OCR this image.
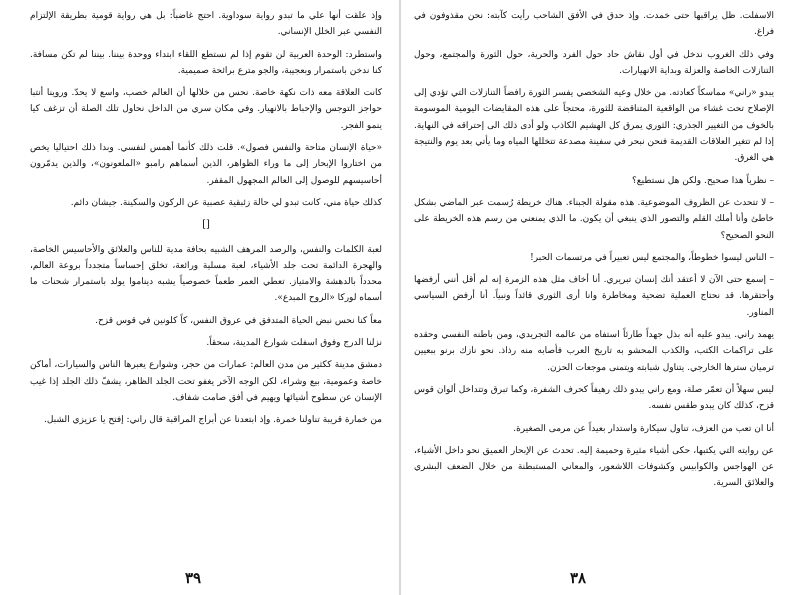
وإذ علقت أنها علي ما تبدو رواية سوداوية. احتج غاضباً: بل هي رواية قومية بطريقة الإلتزام النفسي عبر الخلل الإنساني.

واستطرد: الوحدة العربية لن تقوم إذا لم نستطع اللقاء ابتداء ووحدة بيننا. بيننا لم تكن مسافة. كنا ندخن باستمرار وبعجيبة، والجو مترع برائحة صميمية.

كانت العلاقة معه ذات نكهة خاصة. نحس من خلالها أن العالم خصب، واسع لا يحدّ. وروينا أنتبا حواجز التوجس والإحباط بالانهيار. وفي مكان سري من الداخل نحاول تلك الصلة أن تزغف كيا ينمو الفجر.

«حياة الإنسان متاحة والنفس فصول». قلت ذلك كأنما أهمس لنفسي. وبدا ذلك احتياليا يخص من اختاروا الإبحار إلى ما وراء الظواهر، الذين أسماهم رامبو «الملعونون»، والذين يدمّرون أحاسيسهم للوصول إلى العالم المجهول المقفر.

كذلك حياة مني، كانت تبدو لي حالة زئبقية عصبية عن الركون والسكينة. جيشان دائم.

[]

لعبة الكلمات والنفس، والرصد المرهف الشبيه بحافة مدية للناس والعلائق والأحاسيس الخاصة، والهجرة الدائمة تحت جلد الأشياء، لعبة مسلية ورائعة، تخلق إحساساً متجدداً بروعة العالم، محدداً بالدهشة والامتياز. تعطي العمر طعماً خصوصياً يشبه ديناموا يولد باستمرار شحنات ما أسماه لوركا «الروح المبدع».

معاً كنا نحس نبض الحياة المتدفق في عروق النفس، كاً كلونين في قوس قزح.

نزلنا الدرج وفوق اسفلت شوارع المدينة، سحقاً.

دمشق مدينة ككثير من مدن العالم: عمارات من حجر، وشوارع يعبرها الناس والسيارات، أماكن خاصة وعمومية، بيع وشراء، لكن الوجه الآخر يغفو تحت الجلد الظاهر، يشفّ ذلك الجلد إذا غيب الإنسان عن سطوح أشيائها ويهيم في أفق صامت شفاف.

من خمارة قريبة تناولنا خمرة. وإذ ابتعدنا عن أبراج المراقبة قال راني: إفتح يا عزيزي الشبل.

٣٩

الاسفلت. ظل يراقبها حتى خمدت. وإذ حدق في الأفق الشاحب رأيت كآبته: نحن مقذوفون في فراغ.

وفي ذلك الغروب ندخل في أول نقاش حاد حول الفرد والحرية، حول الثورة والمجتمع، وحول التنازلات الخاصة والعزلة وبداية الانهيارات.

يبدو «راني» مماسكاً كعادته. من خلال وعيه الشخصي يفسر الثورة رافضاً التنازلات التي تؤدي إلى الإصلاح تحت غشاء من الواقعية المتناقضة للثورة، محتجاً على هذه المقايضات اليومية الموسومة بالخوف من التغيير الجذري: الثوري يمرق كل الهشيم الكاذب ولو أدى ذلك الى إحتراقه في النهاية. إذا لم تتغير العلاقات القديمة فنحن نبحر في سفينة مصدعة تتخللها المياه وما يأتي بعد يوم والنتيجة هي الغرق.

– نظرياً هذا صحيح. ولكن هل نستطيع؟

– لا تتحدث عن الظروف الموضوعية. هذه مقولة الجبناء. هناك خريطة رُسمت عبر الماضي بشكل خاطئ وأنا أملك القلم والتصور الذي ينبغي أن يكون. ما الذي يمنعني من رسم هذه الخريطة على النحو الصحيح؟

– الناس ليسوا خطوطاً، والمجتمع ليس تعبيراً في مرتسمات الحبر!

– إسمع حتى الآن لا أعتقد أنك إنسان تبريري. أنا أخاف مثل هذه الزمرة إنه لم أقل أنني أرفضها وأحتقرها. قد نحتاج العملية تضحية ومخاطرة وانا أرى الثوري قائداً ونبياً. أنا أرفض السياسي المناور.

يهمد راني. يبدو عليه أنه بذل جهداً طارئاً استفاه من عالمه التجريدي، ومن باطنه النفسي وحقده على تراكمات الكتب، والكذب المحشو به تاريخ العرب فأصابه منه رذاذ. نحو نازك برنو ببعيين ترميان سترها الخارجي. يتناول شبابته ويتمنى موجعات الحزن.

ليس سهلاً أن تعمّر صلة، ومع راني يبدو ذلك رهيفاً كحرف الشفرة، وكما تبرق وتتداخل ألوان قوس قزح، كذلك كان يبدو طقس نفسه.

أنا ان تعب من العزف، تناول سيكارة واستدار بعيداً عن مرمى الصغيرة.

عن روايته التي يكتبها، حكى أشياء مثيرة وحميمة إليه. تحدث عن الإبحار العميق نحو داخل الأشياء، عن الهواجس والكوابيس وكشوفات اللاشعور، والمعاني المستبطنة من خلال الضعف البشري والعلائق السرية.

٣٨
